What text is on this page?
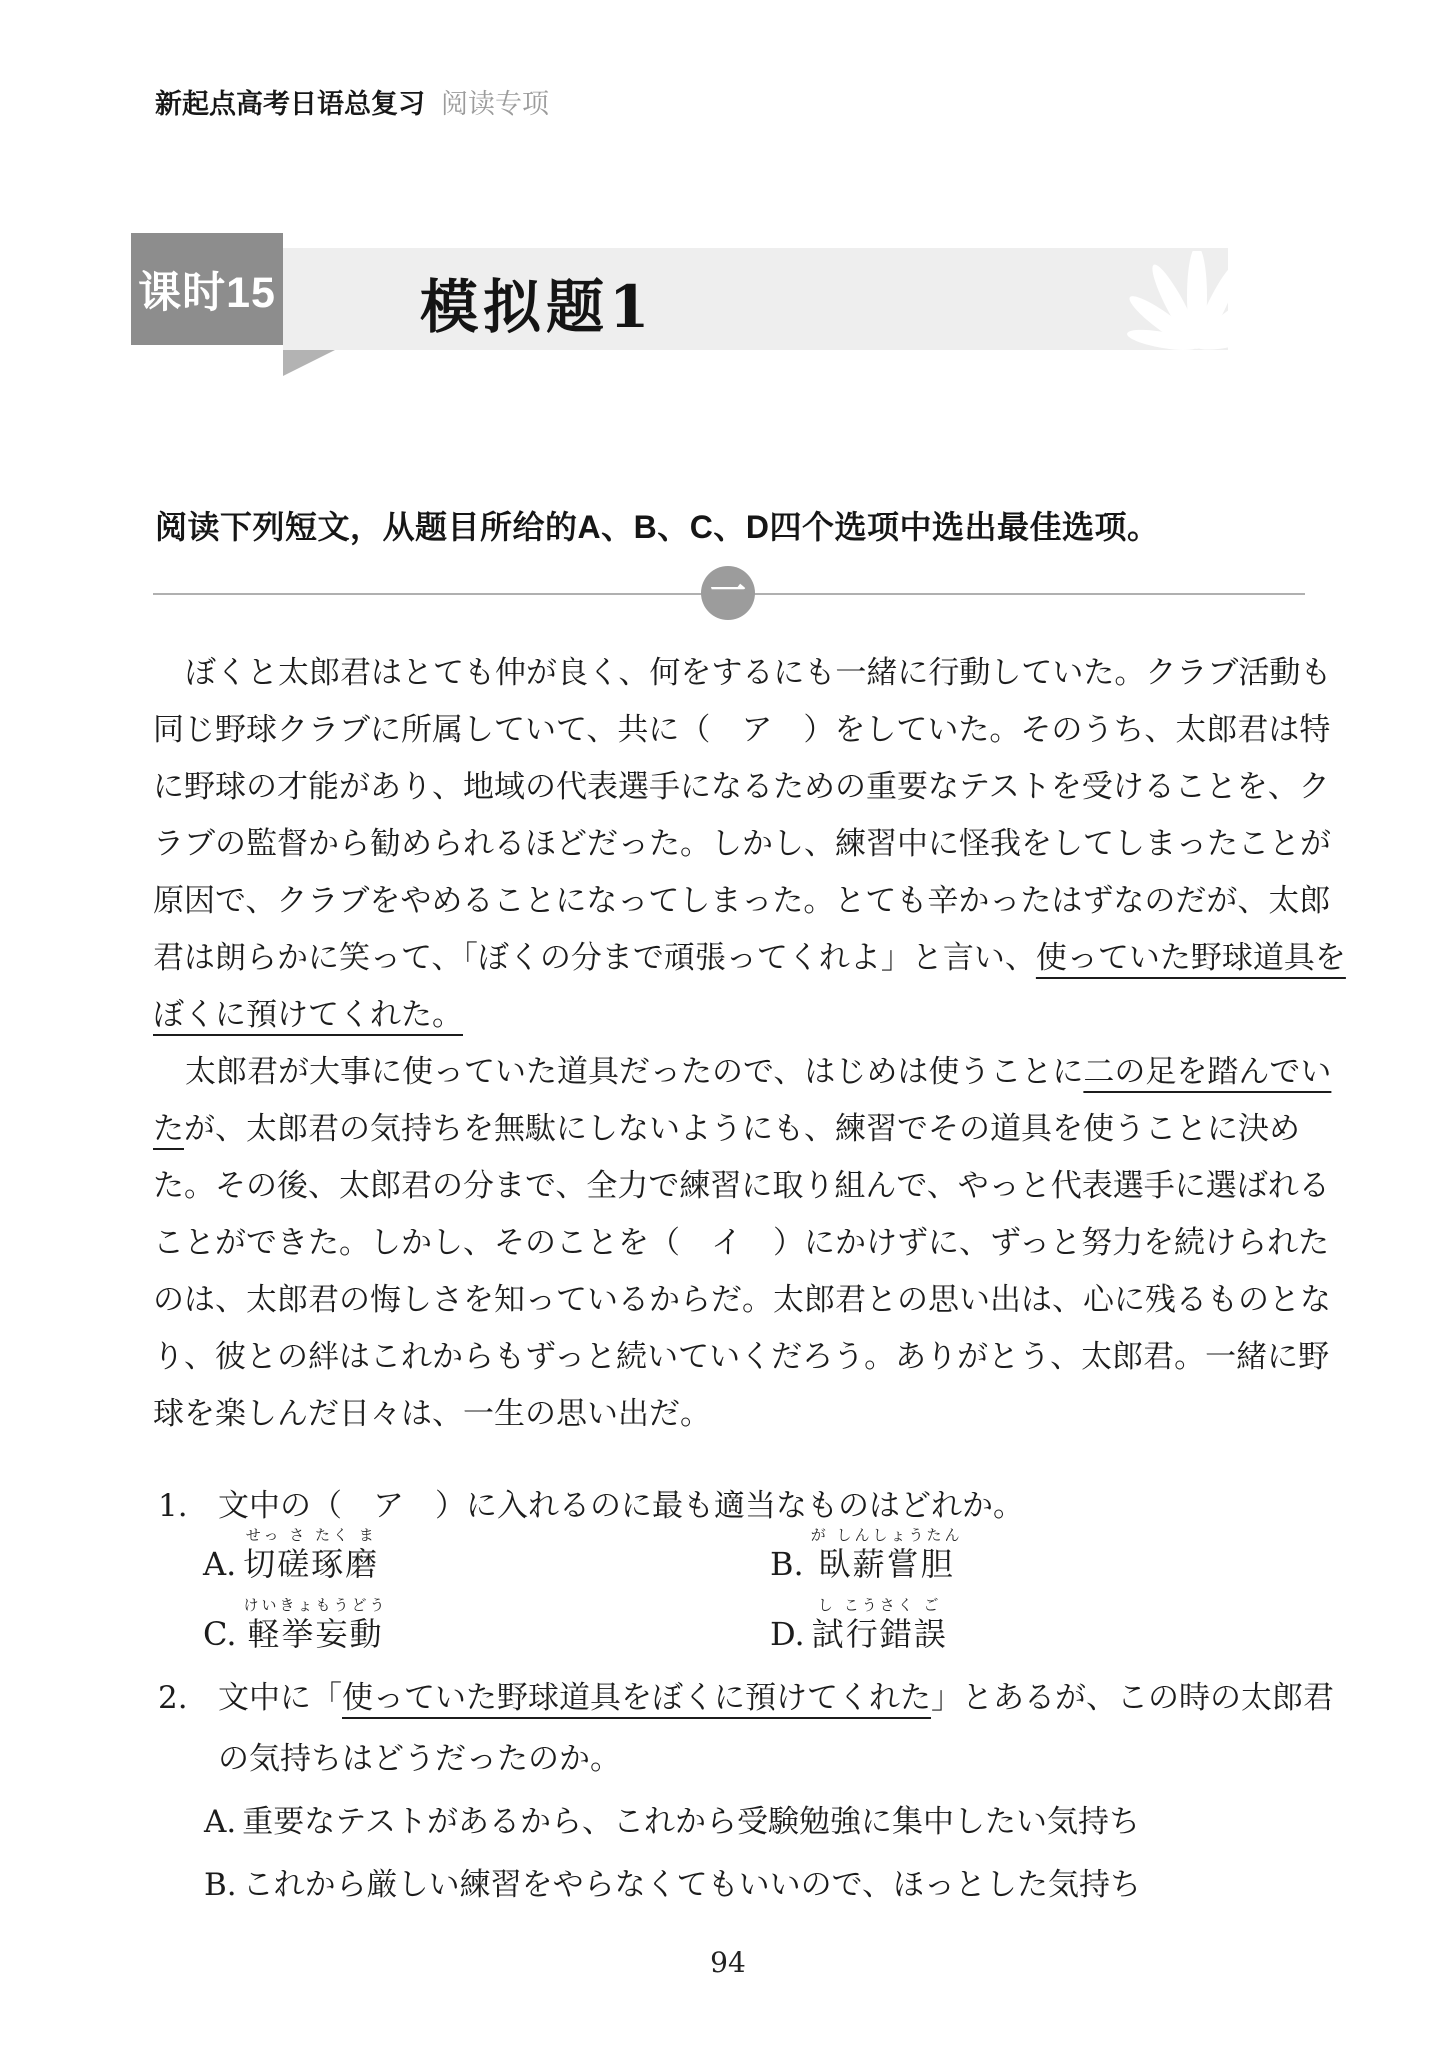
新起点高考日语总复习 阅读专项
课时15 模拟题1
阅读下列短文，从题目所给的A、B、C、D四个选项中选出最佳选项。
一
ぼくと太郎君はとても仲が良く、何をするにも一緒に行動していた。クラブ活動も
同じ野球クラブに所属していて、共に（　ア　）をしていた。そのうち、太郎君は特
に野球の才能があり、地域の代表選手になるための重要なテストを受けることを、ク
ラブの監督から勧められるほどだった。しかし、練習中に怪我をしてしまったことが
原因で、クラブをやめることになってしまった。とても辛かったはずなのだが、太郎
君は朗らかに笑って、「ぼくの分まで頑張ってくれよ」と言い、使っていた野球道具を
ぼくに預けてくれた。
太郎君が大事に使っていた道具だったので、はじめは使うことに二の足を踏んでい
たが、太郎君の気持ちを無駄にしないようにも、練習でその道具を使うことに決め
た。その後、太郎君の分まで、全力で練習に取り組んで、やっと代表選手に選ばれる
ことができた。しかし、そのことを（　イ　）にかけずに、ずっと努力を続けられた
のは、太郎君の悔しさを知っているからだ。太郎君との思い出は、心に残るものとな
り、彼との絆はこれからもずっと続いていくだろう。ありがとう、太郎君。一緒に野
球を楽しんだ日々は、一生の思い出だ。
1. 文中の（　ア　）に入れるのに最も適当なものはどれか。
A.
せっ さ たく ま
切磋琢磨	B.
が しんしょうたん
臥薪嘗胆
C.
けいきょもうどう
軽挙妄動	D.
し こうさく ご
試行錯誤
2. 文中に「使っていた野球道具をぼくに預けてくれた」とあるが、この時の太郎君
の気持ちはどうだったのか。
A. 重要なテストがあるから、これから受験勉強に集中したい気持ち
B. これから厳しい練習をやらなくてもいいので、ほっとした気持ち
94
